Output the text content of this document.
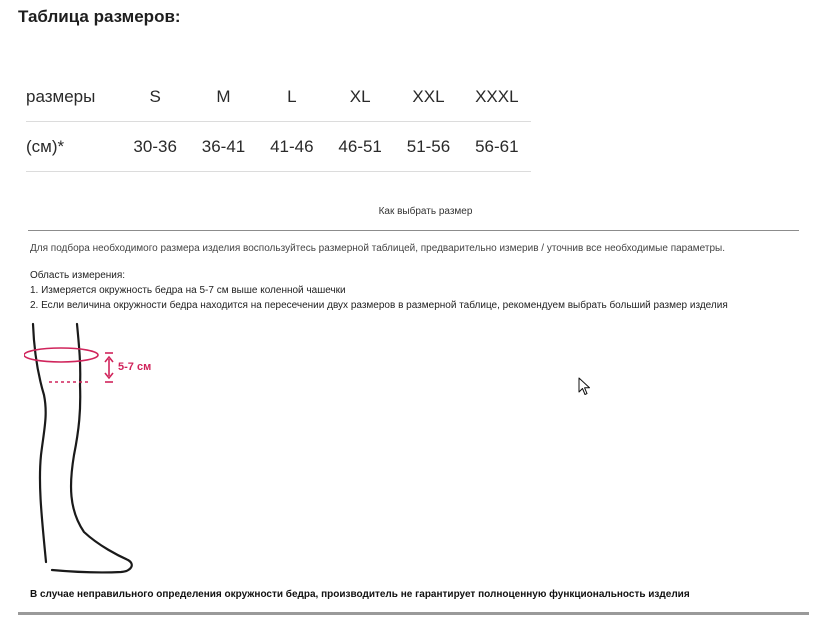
Таблица размеров:
размеры	S	M	L	XL	XXL	XXXL
(см)*	30-36	36-41	41-46	46-51	51-56	56-61
Как выбрать размер
Для подбора необходимого размера изделия воспользуйтесь размерной таблицей, предварительно измерив / уточнив все необходимые параметры.
Область измерения:
1. Измеряется окружность бедра на 5-7 см выше коленной чашечки
2. Если величина окружности бедра находится на пересечении двух размеров в размерной таблице, рекомендуем выбрать больший размер изделия
5-7 см
В случае неправильного определения окружности бедра, производитель не гарантирует полноценную функциональность изделия
